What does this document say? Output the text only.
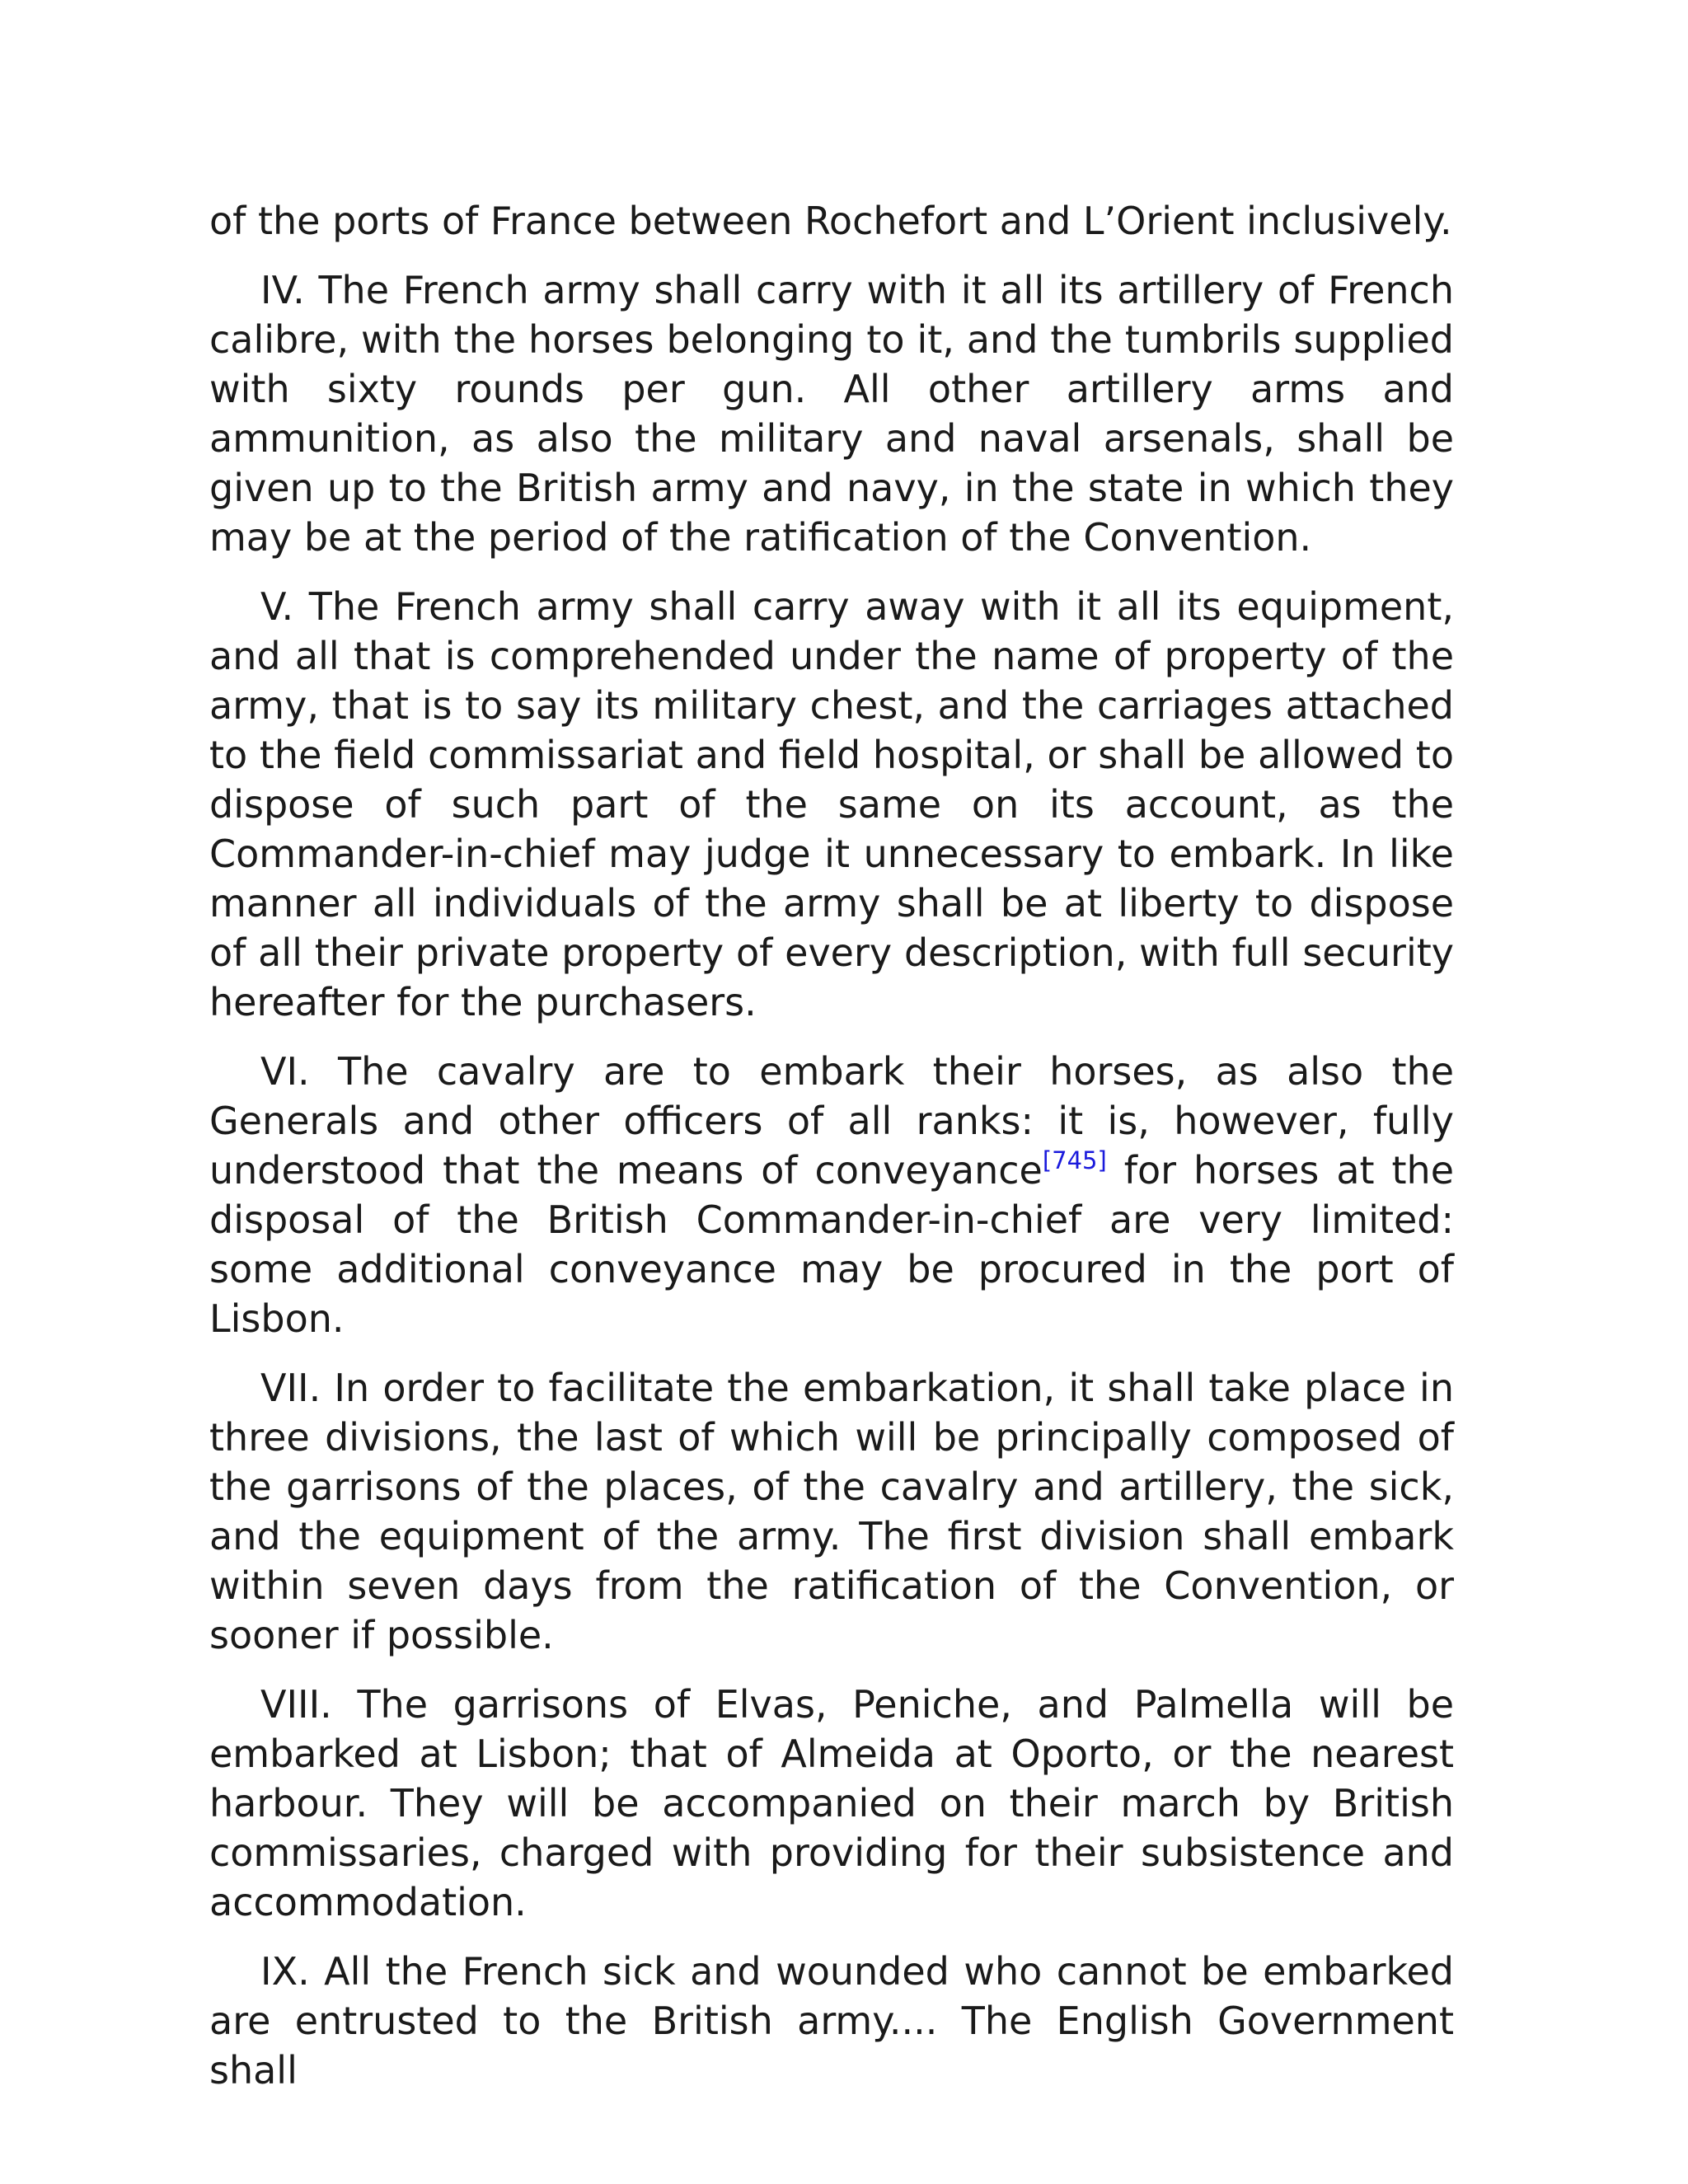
of the ports of France between Rochefort and L’Orient inclusively.

IV. The French army shall carry with it all its artillery of French calibre, with the horses belonging to it, and the tumbrils supplied with sixty rounds per gun. All other artillery arms and ammunition, as also the military and naval arsenals, shall be given up to the British army and navy, in the state in which they may be at the period of the ratification of the Convention.

V. The French army shall carry away with it all its equipment, and all that is comprehended under the name of property of the army, that is to say its military chest, and the carriages attached to the field commissariat and field hospital, or shall be allowed to dispose of such part of the same on its account, as the Commander-in-chief may judge it unnecessary to embark. In like manner all individuals of the army shall be at liberty to dispose of all their private property of every description, with full security hereafter for the purchasers.

VI. The cavalry are to embark their horses, as also the Generals and other officers of all ranks: it is, however, fully understood that the means of conveyance[745] for horses at the disposal of the British Commander-in-chief are very limited: some additional conveyance may be procured in the port of Lisbon.

VII. In order to facilitate the embarkation, it shall take place in three divisions, the last of which will be principally composed of the garrisons of the places, of the cavalry and artillery, the sick, and the equipment of the army. The first division shall embark within seven days from the ratification of the Convention, or sooner if possible.

VIII. The garrisons of Elvas, Peniche, and Palmella will be embarked at Lisbon; that of Almeida at Oporto, or the nearest harbour. They will be accompanied on their march by British commissaries, charged with providing for their subsistence and accommodation.

IX. All the French sick and wounded who cannot be embarked are entrusted to the British army.... The English Government shall
